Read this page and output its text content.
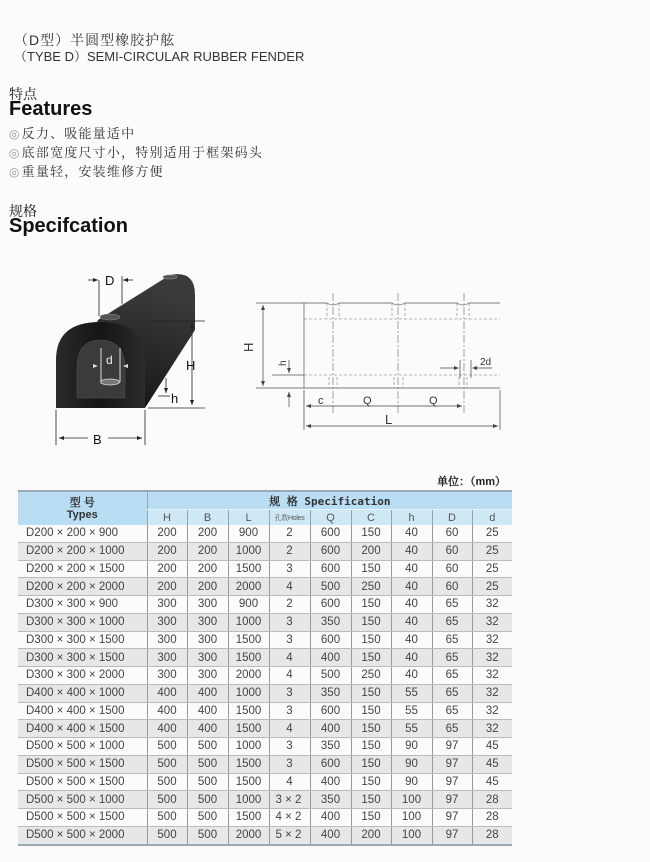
（D型）半圆型橡胶护舷
（TYBE D）SEMI-CIRCULAR RUBBER FENDER
特点
Features
◎反力、吸能量适中
◎底部宽度尺寸小，特别适用于框架码头
◎重量轻，安装维修方便
规格
Specifcation
D
d	H
h
B
H
h
c	Q	Q
L
2d
单位：（mm）
型 号
Types	规 格 Specification								
	H	B	L	孔数Holes	Q	C	h	D	d
D200 × 200 × 900	200	200	900	2	600	150	40	60	25
D200 × 200 × 1000	200	200	1000	2	600	200	40	60	25
D200 × 200 × 1500	200	200	1500	3	600	150	40	60	25
D200 × 200 × 2000	200	200	2000	4	500	250	40	60	25
D300 × 300 × 900	300	300	900	2	600	150	40	65	32
D300 × 300 × 1000	300	300	1000	3	350	150	40	65	32
D300 × 300 × 1500	300	300	1500	3	600	150	40	65	32
D300 × 300 × 1500	300	300	1500	4	400	150	40	65	32
D300 × 300 × 2000	300	300	2000	4	500	250	40	65	32
D400 × 400 × 1000	400	400	1000	3	350	150	55	65	32
D400 × 400 × 1500	400	400	1500	3	600	150	55	65	32
D400 × 400 × 1500	400	400	1500	4	400	150	55	65	32
D500 × 500 × 1000	500	500	1000	3	350	150	90	97	45
D500 × 500 × 1500	500	500	1500	3	600	150	90	97	45
D500 × 500 × 1500	500	500	1500	4	400	150	90	97	45
D500 × 500 × 1000	500	500	1000	3 × 2	350	150	100	97	28
D500 × 500 × 1500	500	500	1500	4 × 2	400	150	100	97	28
D500 × 500 × 2000	500	500	2000	5 × 2	400	200	100	97	28
